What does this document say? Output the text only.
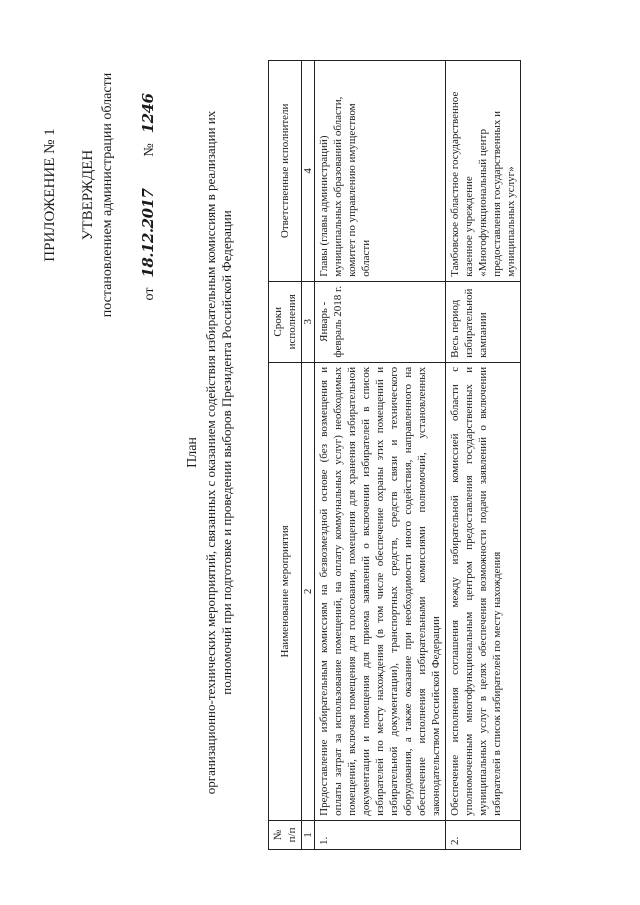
ПРИЛОЖЕНИЕ № 1 УТВЕРЖДЕН постановлением администрации области от
18.12.2017
№
1246
План организационно-технических мероприятий, связанных с оказанием содействия избирательным комиссиям в реализации их полномочий при подготовке и проведении выборов Президента Российской Федерации
№ п/п	Наименование мероприятия	Сроки исполнения	Ответственные исполнители
1	2	3	4
1.	Предоставление избирательным комиссиям на безвозмездной основе (без возмещения и оплаты затрат за использование помещений, на оплату коммунальных услуг) необходимых помещений, включая помещения для голосования, помещения для хранения избирательной документации и помещения для приема заявлений о включении избирателей в список избирателей по месту нахождения (в том числе обеспечение охраны этих помещений и избирательной документации), транспортных средств, средств связи и технического оборудования, а также оказание при необходимости иного содействия, направленного на обеспечение исполнения избирательными комиссиями полномочий, установленных законодательством Российской Федерации	Январь - февраль 2018 г.	Главы (главы администраций) муниципальных образований области, комитет по управлению имуществом области
2.	Обеспечение исполнения соглашения между избирательной комиссией области с уполномоченным многофункциональным центром предоставления государственных и муниципальных услуг в целях обеспечения возможности подачи заявлений о включении избирателей в список избирателей по месту нахождения	Весь период избирательной кампании	Тамбовское областное государственное казенное учреждение «Многофункциональный центр предоставления государственных и муниципальных услуг»
